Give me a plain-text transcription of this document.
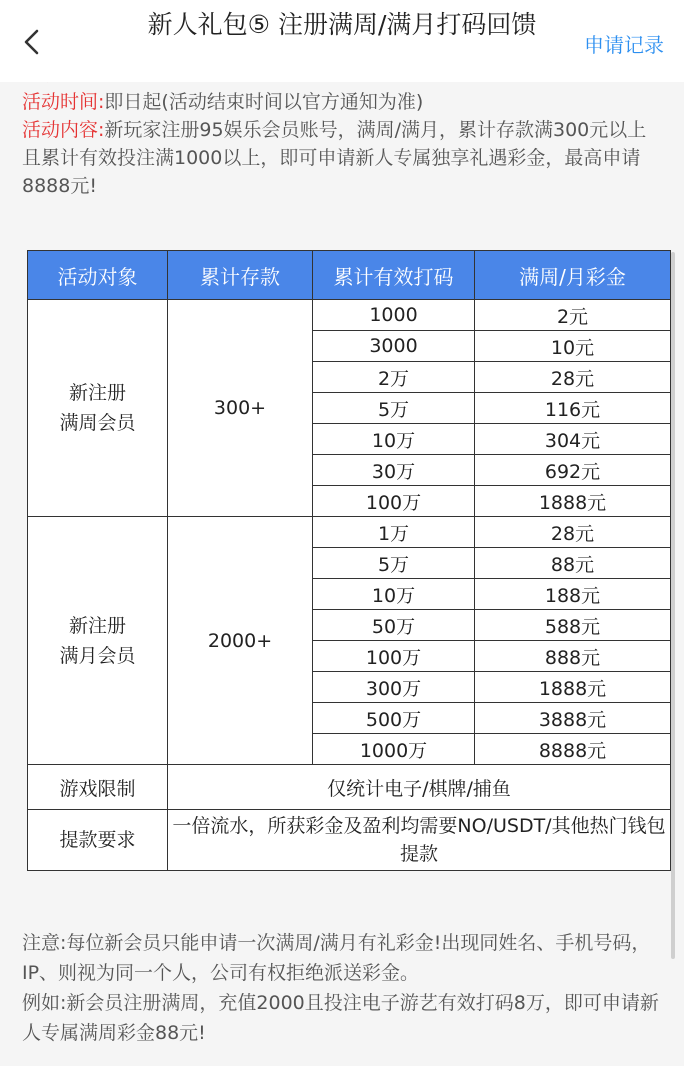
新人礼包⑤ 注册满周/满月打码回馈
申请记录

活动时间:即日起(活动结束时间以官方通知为准)

活动内容:新玩家注册95娱乐会员账号，满周/满月，累计存款满300元以上且累计有效投注满1000以上，即可申请新人专属独享礼遇彩金，最高申请8888元!

活动对象	累计存款	累计有效打码	满周/月彩金
新注册
满周会员	300+	1000	2元
		3000	10元
		2万	28元
		5万	116元
		10万	304元
		30万	692元
		100万	1888元
新注册
满月会员	2000+	1万	28元
		5万	88元
		10万	188元
		50万	588元
		100万	888元
		300万	1888元
		500万	3888元
		1000万	8888元
游戏限制	仅统计电子/棋牌/捕鱼		
提款要求	一倍流水，所获彩金及盈利均需要NO/USDT/其他热门钱包提款		

注意:每位新会员只能申请一次满周/满月有礼彩金!出现同姓名、手机号码，IP、则视为同一个人，公司有权拒绝派送彩金。

例如:新会员注册满周，充值2000且投注电子游艺有效打码8万，即可申请新人专属满周彩金88元!
